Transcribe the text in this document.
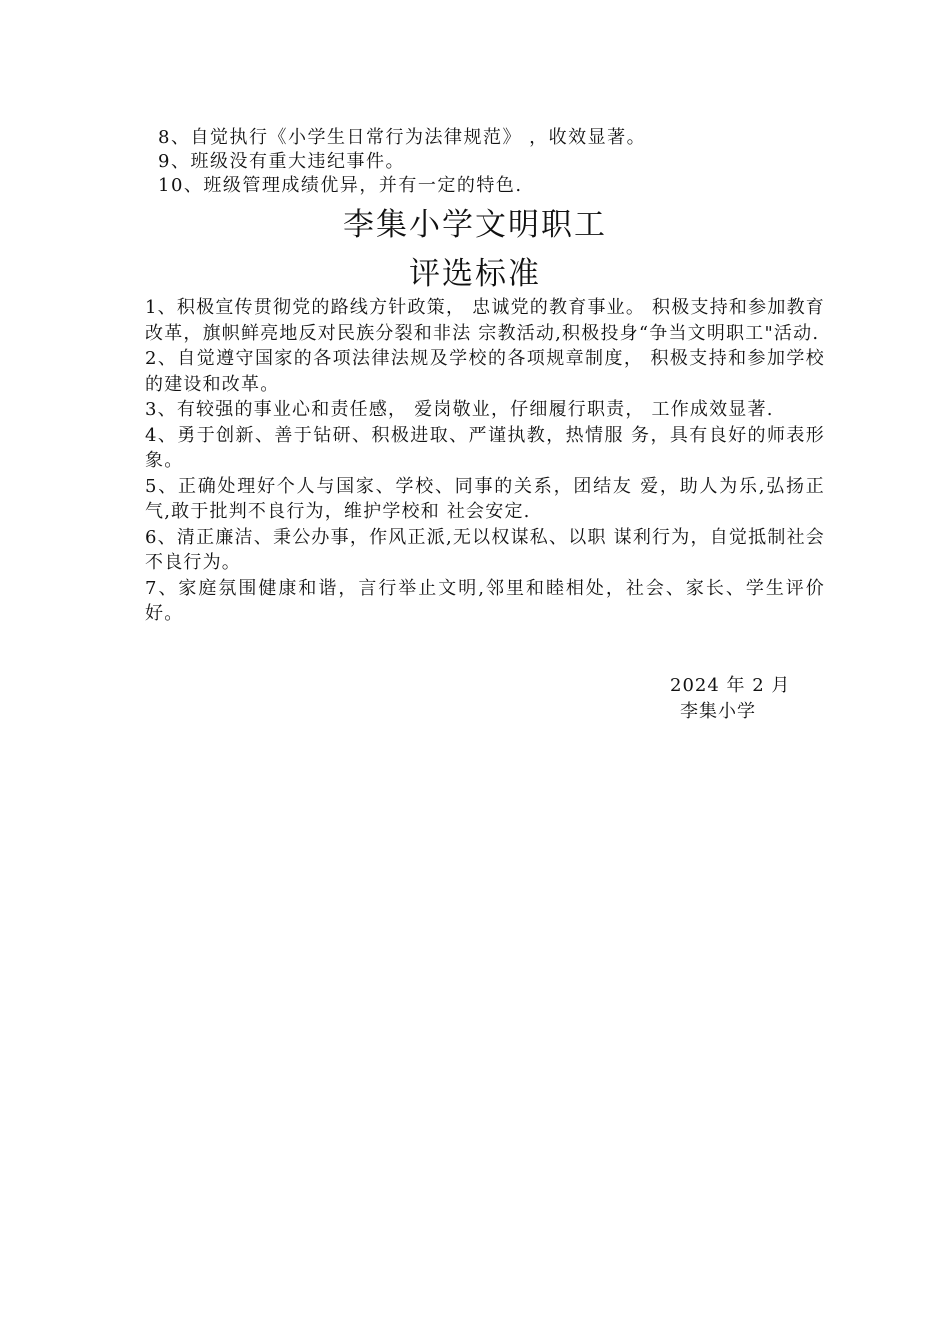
8、自觉执行《小学生日常行为法律规范》 ，收效显著。
9、班级没有重大违纪事件。
10、班级管理成绩优异，并有一定的特色.
李集小学文明职工
评选标准
1、积极宣传贯彻党的路线方针政策， 忠诚党的教育事业。 积极支持和参加教育改革，旗帜鲜亮地反对民族分裂和非法 宗教活动,积极投身“争当文明职工"活动.
2、自觉遵守国家的各项法律法规及学校的各项规章制度， 积极支持和参加学校的建设和改革。
3、有较强的事业心和责任感， 爱岗敬业，仔细履行职责， 工作成效显著.
4、勇于创新、善于钻研、积极进取、严谨执教，热情服 务，具有良好的师表形象。
5、正确处理好个人与国家、学校、同事的关系，团结友 爱，助人为乐,弘扬正气,敢于批判不良行为，维护学校和 社会安定.
6、清正廉洁、秉公办事，作风正派,无以权谋私、以职 谋利行为，自觉抵制社会不良行为。
7、家庭氛围健康和谐，言行举止文明,邻里和睦相处，社会、家长、学生评价好。
2024 年 2 月
李集小学
